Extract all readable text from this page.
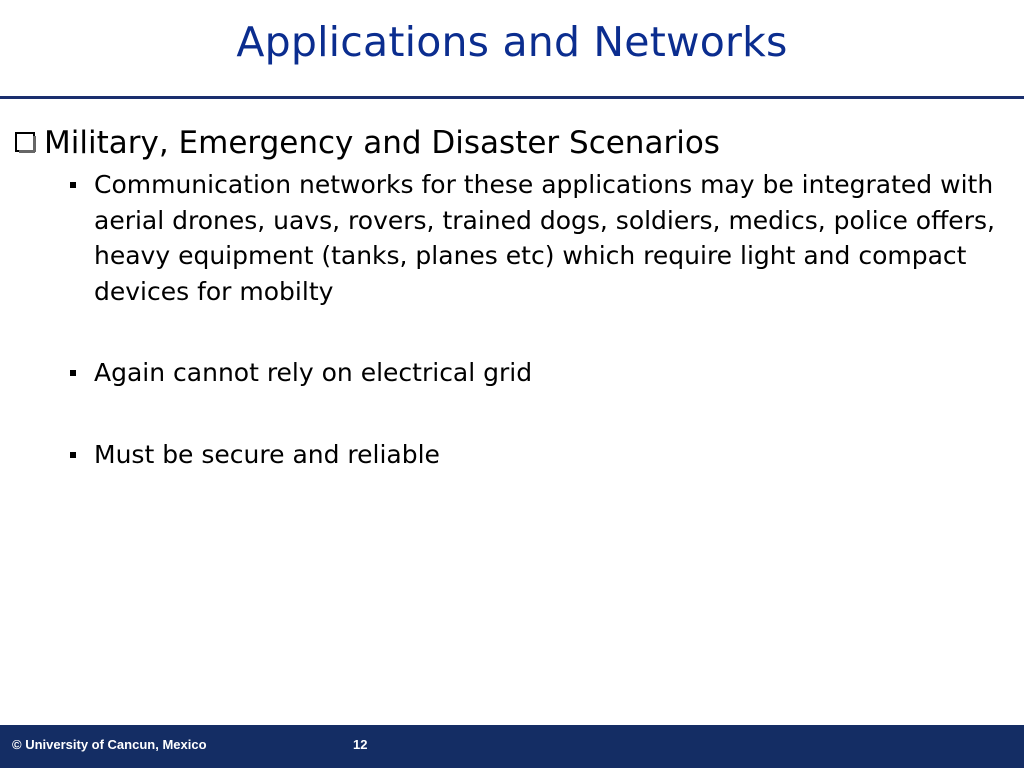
Applications and Networks
Military, Emergency and Disaster Scenarios
Communication networks for these applications may be integrated with aerial drones, uavs, rovers, trained dogs, soldiers, medics, police offers, heavy equipment (tanks, planes etc) which require light and compact devices for mobilty
Again cannot rely on electrical grid
Must be secure and reliable
© University of Cancun, Mexico	12
